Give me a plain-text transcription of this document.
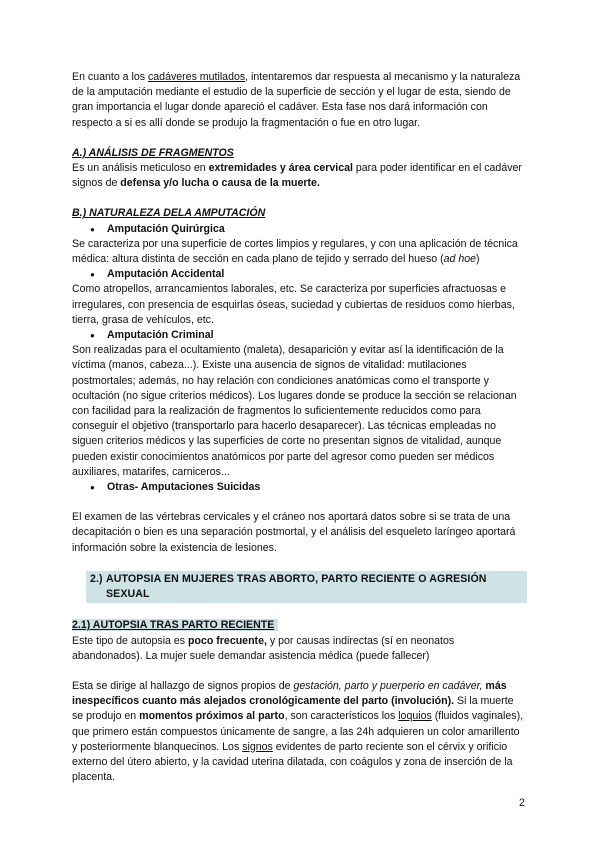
En cuanto a los cadáveres mutilados, intentaremos dar respuesta al mecanismo y la naturaleza de la amputación mediante el estudio de la superficie de sección y el lugar de esta, siendo de gran importancia el lugar donde apareció el cadáver. Esta fase nos dará información con respecto a si es allí donde se produjo la fragmentación o fue en otro lugar.

A.) ANÁLISIS DE FRAGMENTOS

Es un análisis meticuloso en extremidades y área cervical para poder identificar en el cadáver signos de defensa y/o lucha o causa de la muerte.

B.) NATURALEZA DELA AMPUTACIÓN

●	Amputación Quirúrgica

Se caracteriza por una superficie de cortes limpios y regulares, y con una aplicación de técnica médica: altura distinta de sección en cada plano de tejido y serrado del hueso (ad hoe)

●	Amputación Accidental

Como atropellos, arrancamientos laborales, etc. Se caracteriza por superficies afractuosas e irregulares, con presencia de esquirlas óseas, suciedad y cubiertas de residuos como hierbas, tierra, grasa de vehículos, etc.

●	Amputación Criminal

Son realizadas para el ocultamiento (maleta), desaparición y evitar así la identificación de la víctima (manos, cabeza...). Existe una ausencia de signos de vitalidad: mutilaciones postmortales; además, no hay relación con condiciones anatómicas como el transporte y ocultación (no sigue criterios médicos). Los lugares donde se produce la sección se relacionan con facilidad para la realización de fragmentos lo suficientemente reducidos como para conseguir el objetivo (transportarlo para hacerlo desaparecer). Las técnicas empleadas no siguen criterios médicos y las superficies de corte no presentan signos de vitalidad, aunque pueden existir conocimientos anatómicos por parte del agresor como pueden ser médicos auxiliares, matarifes, carniceros...

●	Otras- Amputaciones Suicidas

El examen de las vértebras cervicales y el cráneo nos aportará datos sobre si se trata de una decapitación o bien es una separación postmortal, y el análisis del esqueleto laríngeo aportará información sobre la existencia de lesiones.

2.) AUTOPSIA EN MUJERES TRAS ABORTO, PARTO RECIENTE O AGRESIÓN
SEXUAL

2.1) AUTOPSIA TRAS PARTO RECIENTE

Este tipo de autopsia es poco frecuente, y por causas indirectas (sí en neonatos abandonados). La mujer suele demandar asistencia médica (puede fallecer)

Esta se dirige al hallazgo de signos propios de gestación, parto y puerperio en cadáver, más inespecíficos cuanto más alejados cronológicamente del parto (involución). Si la muerte se produjo en momentos próximos al parto, son característicos los loquios (fluidos vaginales), que primero están compuestos únicamente de sangre, a las 24h adquieren un color amarillento y posteriormente blanquecinos. Los signos evidentes de parto reciente son el cérvix y orificio externo del útero abierto, y la cavidad uterina dilatada, con coágulos y zona de inserción de la placenta.

2
